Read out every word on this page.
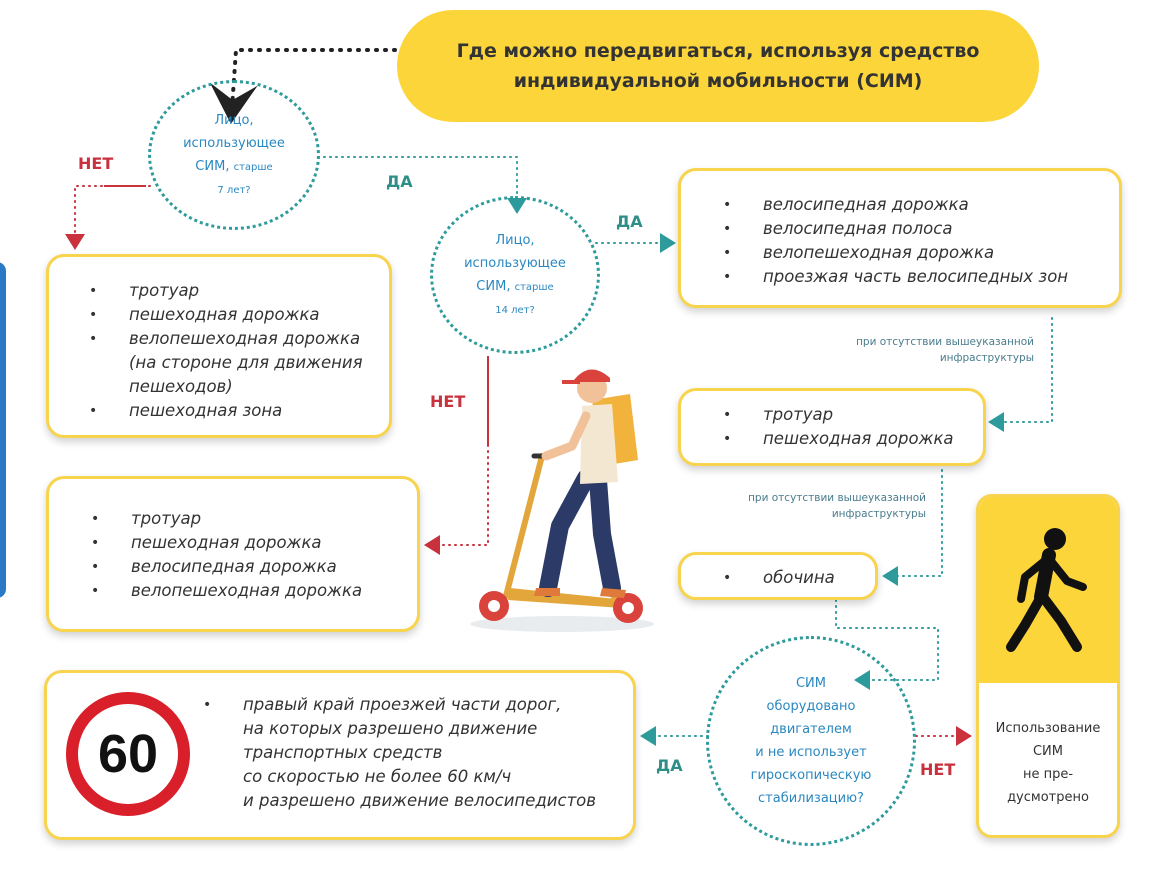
Где можно передвигаться, используя средство
индивидуальной мобильности (СИМ)
Лицо,
использующее
СИМ, старше
7 лет?
Лицо,
использующее
СИМ, старше
14 лет?
СИМ
оборудовано
двигателем
и не использует
гироскопическую
стабилизацию?
НЕТ
ДА
ДА
НЕТ
ДА	НЕТ
• тротуар
• пешеходная дорожка
• велопешеходная дорожка
(на стороне для движения
пешеходов)
• пешеходная зона
• тротуар
• пешеходная дорожка
• велосипедная дорожка
• велопешеходная дорожка
• велосипедная дорожка
• велосипедная полоса
• велопешеходная дорожка
• проезжая часть велосипедных зон
при отсутствии вышеуказанной
инфраструктуры
• тротуар
• пешеходная дорожка
при отсутствии вышеуказанной
инфраструктуры
• обочина
• правый край проезжей части дорог,
на которых разрешено движение
транспортных средств
со скоростью не более 60 км/ч
и разрешено движение велосипедистов
60	Использование
СИМ
не пре-
дусмотрено
